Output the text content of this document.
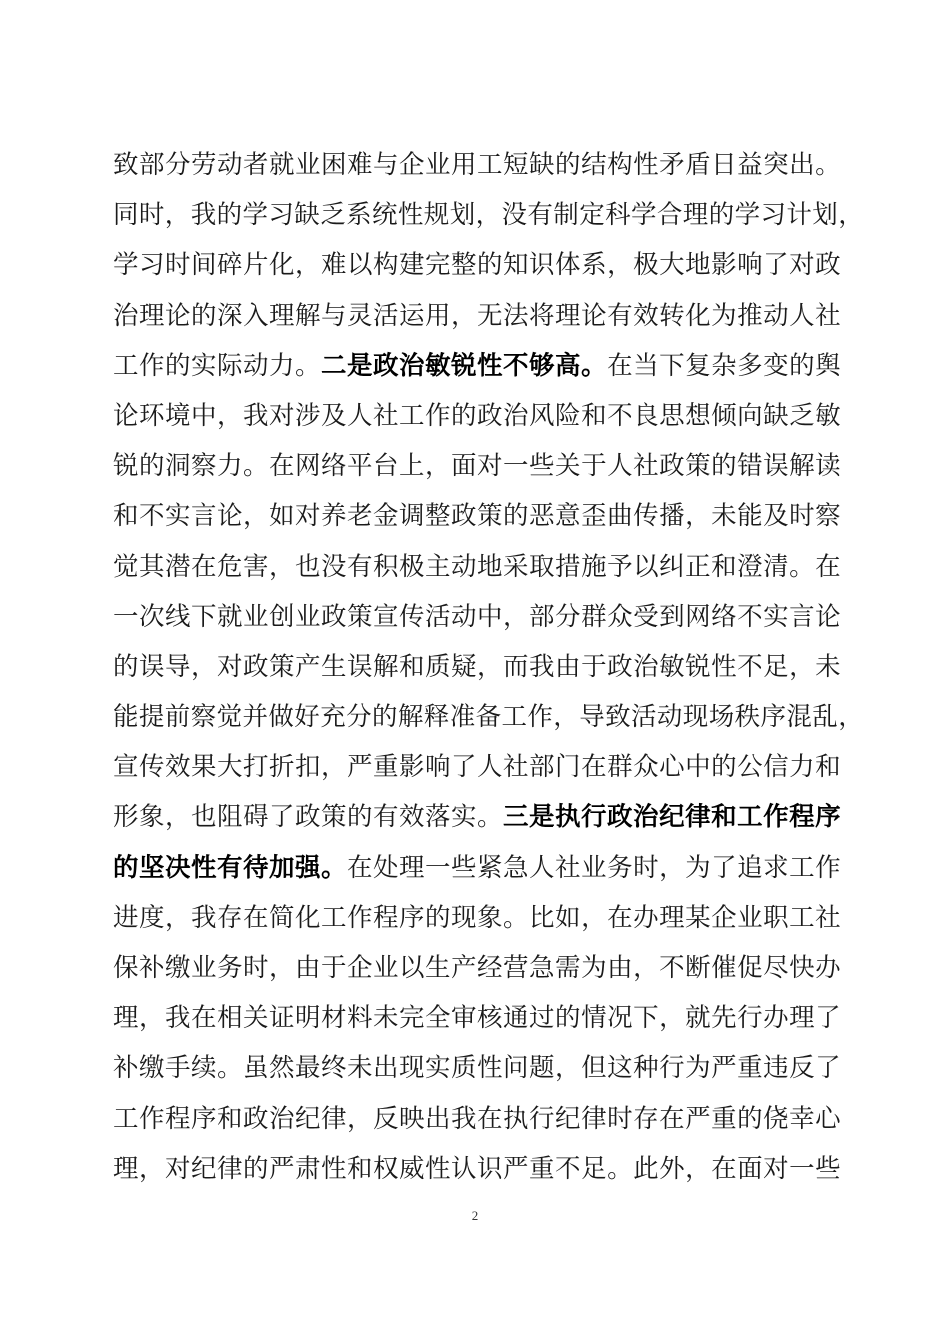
致部分劳动者就业困难与企业用工短缺的结构性矛盾日益突出。
同时，我的学习缺乏系统性规划，没有制定科学合理的学习计划，
学习时间碎片化，难以构建完整的知识体系，极大地影响了对政
治理论的深入理解与灵活运用，无法将理论有效转化为推动人社
工作的实际动力。二是政治敏锐性不够高。在当下复杂多变的舆
论环境中，我对涉及人社工作的政治风险和不良思想倾向缺乏敏
锐的洞察力。在网络平台上，面对一些关于人社政策的错误解读
和不实言论，如对养老金调整政策的恶意歪曲传播，未能及时察
觉其潜在危害，也没有积极主动地采取措施予以纠正和澄清。在
一次线下就业创业政策宣传活动中，部分群众受到网络不实言论
的误导，对政策产生误解和质疑，而我由于政治敏锐性不足，未
能提前察觉并做好充分的解释准备工作，导致活动现场秩序混乱，
宣传效果大打折扣，严重影响了人社部门在群众心中的公信力和
形象，也阻碍了政策的有效落实。三是执行政治纪律和工作程序
的坚决性有待加强。在处理一些紧急人社业务时，为了追求工作
进度，我存在简化工作程序的现象。比如，在办理某企业职工社
保补缴业务时，由于企业以生产经营急需为由，不断催促尽快办
理，我在相关证明材料未完全审核通过的情况下，就先行办理了
补缴手续。虽然最终未出现实质性问题，但这种行为严重违反了
工作程序和政治纪律，反映出我在执行纪律时存在严重的侥幸心
理，对纪律的严肃性和权威性认识严重不足。此外，在面对一些
2
